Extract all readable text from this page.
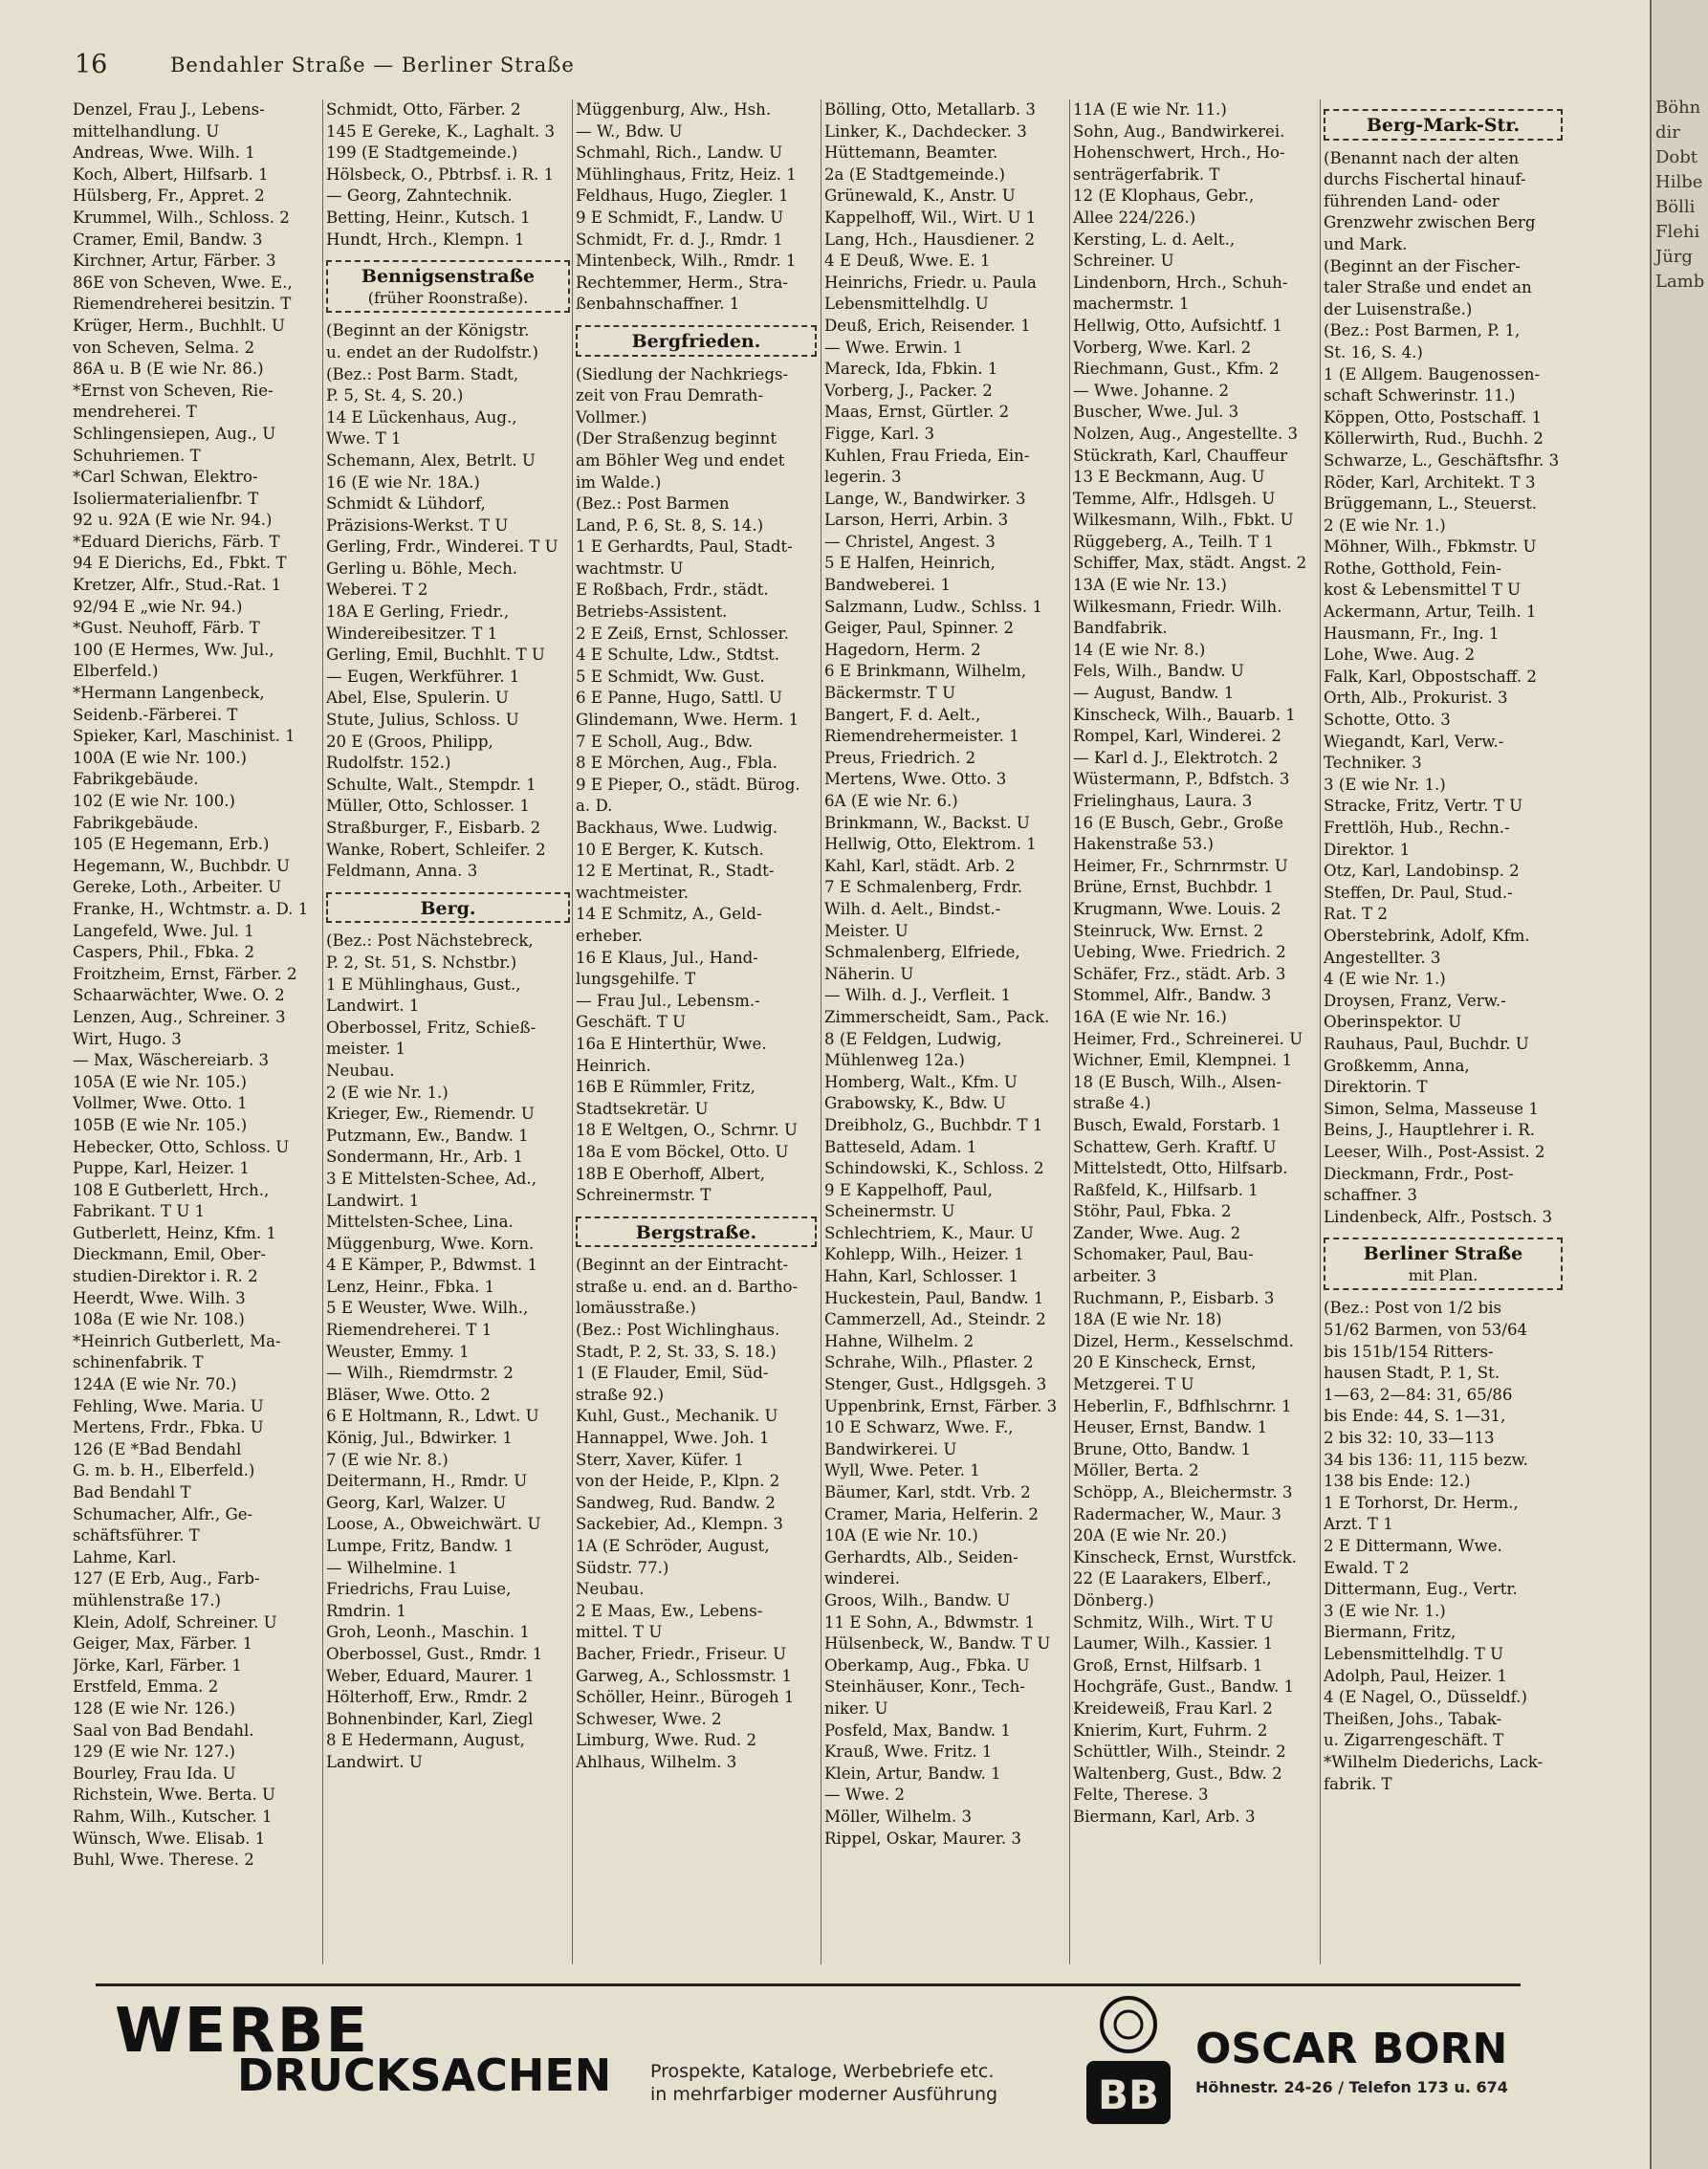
16	Bendahler Straße — Berliner Straße
Denzel, Frau J., Lebens-
mittelhandlung. U
Andreas, Wwe. Wilh. 1
Koch, Albert, Hilfsarb. 1
Hülsberg, Fr., Appret. 2
Krummel, Wilh., Schloss. 2
Cramer, Emil, Bandw. 3
Kirchner, Artur, Färber. 3
86E von Scheven, Wwe. E.,
Riemendreherei besitzin. T
Krüger, Herm., Buchhlt. U
von Scheven, Selma. 2
86A u. B (E wie Nr. 86.)
*Ernst von Scheven, Rie-
mendreherei. T
Schlingensiepen, Aug., U
Schuhriemen. T
*Carl Schwan, Elektro-
Isoliermaterialienfbr. T
92 u. 92A (E wie Nr. 94.)
*Eduard Dierichs, Färb. T
94 E Dierichs, Ed., Fbkt. T
Kretzer, Alfr., Stud.-Rat. 1
92/94 E „wie Nr. 94.)
*Gust. Neuhoff, Färb. T
100 (E Hermes, Ww. Jul.,
Elberfeld.)
*Hermann Langenbeck,
Seidenb.-Färberei. T
Spieker, Karl, Maschinist. 1
100A (E wie Nr. 100.)
Fabrikgebäude.
102 (E wie Nr. 100.)
Fabrikgebäude.
105 (E Hegemann, Erb.)
Hegemann, W., Buchbdr. U
Gereke, Loth., Arbeiter. U
Franke, H., Wchtmstr. a. D. 1
Langefeld, Wwe. Jul. 1
Caspers, Phil., Fbka. 2
Froitzheim, Ernst, Färber. 2
Schaarwächter, Wwe. O. 2
Lenzen, Aug., Schreiner. 3
Wirt, Hugo. 3
— Max, Wäschereiarb. 3
105A (E wie Nr. 105.)
Vollmer, Wwe. Otto. 1
105B (E wie Nr. 105.)
Hebecker, Otto, Schloss. U
Puppe, Karl, Heizer. 1
108 E Gutberlett, Hrch.,
Fabrikant. T U 1
Gutberlett, Heinz, Kfm. 1
Dieckmann, Emil, Ober-
studien-Direktor i. R. 2
Heerdt, Wwe. Wilh. 3
108a (E wie Nr. 108.)
*Heinrich Gutberlett, Ma-
schinenfabrik. T
124A (E wie Nr. 70.)
Fehling, Wwe. Maria. U
Mertens, Frdr., Fbka. U
126 (E *Bad Bendahl
G. m. b. H., Elberfeld.)
Bad Bendahl T
Schumacher, Alfr., Ge-
schäftsführer. T
Lahme, Karl.
127 (E Erb, Aug., Farb-
mühlenstraße 17.)
Klein, Adolf, Schreiner. U
Geiger, Max, Färber. 1
Jörke, Karl, Färber. 1
Erstfeld, Emma. 2
128 (E wie Nr. 126.)
Saal von Bad Bendahl.
129 (E wie Nr. 127.)
Bourley, Frau Ida. U
Richstein, Wwe. Berta. U
Rahm, Wilh., Kutscher. 1
Wünsch, Wwe. Elisab. 1
Buhl, Wwe. Therese. 2
Schmidt, Otto, Färber. 2
145 E Gereke, K., Laghalt. 3
199 (E Stadtgemeinde.)
Hölsbeck, O., Pbtrbsf. i. R. 1
— Georg, Zahntechnik.
Betting, Heinr., Kutsch. 1
Hundt, Hrch., Klempn. 1
Bennigsenstraße
(früher Roonstraße).
(Beginnt an der Königstr.
u. endet an der Rudolfstr.)
(Bez.: Post Barm. Stadt,
P. 5, St. 4, S. 20.)
14 E Lückenhaus, Aug.,
Wwe. T 1
Schemann, Alex, Betrlt. U
16 (E wie Nr. 18A.)
Schmidt & Lühdorf,
Präzisions-Werkst. T U
Gerling, Frdr., Winderei. T U
Gerling u. Böhle, Mech.
Weberei. T 2
18A E Gerling, Friedr.,
Windereibesitzer. T 1
Gerling, Emil, Buchhlt. T U
— Eugen, Werkführer. 1
Abel, Else, Spulerin. U
Stute, Julius, Schloss. U
20 E (Groos, Philipp,
Rudolfstr. 152.)
Schulte, Walt., Stempdr. 1
Müller, Otto, Schlosser. 1
Straßburger, F., Eisbarb. 2
Wanke, Robert, Schleifer. 2
Feldmann, Anna. 3
Berg.
(Bez.: Post Nächstebreck,
P. 2, St. 51, S. Nchstbr.)
1 E Mühlinghaus, Gust.,
Landwirt. 1
Oberbossel, Fritz, Schieß-
meister. 1
Neubau.
2 (E wie Nr. 1.)
Krieger, Ew., Riemendr. U
Putzmann, Ew., Bandw. 1
Sondermann, Hr., Arb. 1
3 E Mittelsten-Schee, Ad.,
Landwirt. 1
Mittelsten-Schee, Lina.
Müggenburg, Wwe. Korn.
4 E Kämper, P., Bdwmst. 1
Lenz, Heinr., Fbka. 1
5 E Weuster, Wwe. Wilh.,
Riemendreherei. T 1
Weuster, Emmy. 1
— Wilh., Riemdrmstr. 2
Bläser, Wwe. Otto. 2
6 E Holtmann, R., Ldwt. U
König, Jul., Bdwirker. 1
7 (E wie Nr. 8.)
Deitermann, H., Rmdr. U
Georg, Karl, Walzer. U
Loose, A., Obweichwärt. U
Lumpe, Fritz, Bandw. 1
— Wilhelmine. 1
Friedrichs, Frau Luise,
Rmdrin. 1
Groh, Leonh., Maschin. 1
Oberbossel, Gust., Rmdr. 1
Weber, Eduard, Maurer. 1
Hölterhoff, Erw., Rmdr. 2
Bohnenbinder, Karl, Ziegl
8 E Hedermann, August,
Landwirt. U
Müggenburg, Alw., Hsh.
— W., Bdw. U
Schmahl, Rich., Landw. U
Mühlinghaus, Fritz, Heiz. 1
Feldhaus, Hugo, Ziegler. 1
9 E Schmidt, F., Landw. U
Schmidt, Fr. d. J., Rmdr. 1
Mintenbeck, Wilh., Rmdr. 1
Rechtemmer, Herm., Stra-
ßenbahnschaffner. 1
Bergfrieden.
(Siedlung der Nachkriegs-
zeit von Frau Demrath-
Vollmer.)
(Der Straßenzug beginnt
am Böhler Weg und endet
im Walde.)
(Bez.: Post Barmen
Land, P. 6, St. 8, S. 14.)
1 E Gerhardts, Paul, Stadt-
wachtmstr. U
E Roßbach, Frdr., städt.
Betriebs-Assistent.
2 E Zeiß, Ernst, Schlosser.
4 E Schulte, Ldw., Stdtst.
5 E Schmidt, Ww. Gust.
6 E Panne, Hugo, Sattl. U
Glindemann, Wwe. Herm. 1
7 E Scholl, Aug., Bdw.
8 E Mörchen, Aug., Fbla.
9 E Pieper, O., städt. Bürog.
a. D.
Backhaus, Wwe. Ludwig.
10 E Berger, K. Kutsch.
12 E Mertinat, R., Stadt-
wachtmeister.
14 E Schmitz, A., Geld-
erheber.
16 E Klaus, Jul., Hand-
lungsgehilfe. T
— Frau Jul., Lebensm.-
Geschäft. T U
16a E Hinterthür, Wwe.
Heinrich.
16B E Rümmler, Fritz,
Stadtsekretär. U
18 E Weltgen, O., Schrnr. U
18a E vom Böckel, Otto. U
18B E Oberhoff, Albert,
Schreinermstr. T
Bergstraße.
(Beginnt an der Eintracht-
straße u. end. an d. Bartho-
lomäusstraße.)
(Bez.: Post Wichlinghaus.
Stadt, P. 2, St. 33, S. 18.)
1 (E Flauder, Emil, Süd-
straße 92.)
Kuhl, Gust., Mechanik. U
Hannappel, Wwe. Joh. 1
Sterr, Xaver, Küfer. 1
von der Heide, P., Klpn. 2
Sandweg, Rud. Bandw. 2
Sackebier, Ad., Klempn. 3
1A (E Schröder, August,
Südstr. 77.)
Neubau.
2 E Maas, Ew., Lebens-
mittel. T U
Bacher, Friedr., Friseur. U
Garweg, A., Schlossmstr. 1
Schöller, Heinr., Bürogeh 1
Schweser, Wwe. 2
Limburg, Wwe. Rud. 2
Ahlhaus, Wilhelm. 3
Bölling, Otto, Metallarb. 3
Linker, K., Dachdecker. 3
Hüttemann, Beamter.
2a (E Stadtgemeinde.)
Grünewald, K., Anstr. U
Kappelhoff, Wil., Wirt. U 1
Lang, Hch., Hausdiener. 2
4 E Deuß, Wwe. E. 1
Heinrichs, Friedr. u. Paula
Lebensmittelhdlg. U
Deuß, Erich, Reisender. 1
— Wwe. Erwin. 1
Mareck, Ida, Fbkin. 1
Vorberg, J., Packer. 2
Maas, Ernst, Gürtler. 2
Figge, Karl. 3
Kuhlen, Frau Frieda, Ein-
legerin. 3
Lange, W., Bandwirker. 3
Larson, Herri, Arbin. 3
— Christel, Angest. 3
5 E Halfen, Heinrich,
Bandweberei. 1
Salzmann, Ludw., Schlss. 1
Geiger, Paul, Spinner. 2
Hagedorn, Herm. 2
6 E Brinkmann, Wilhelm,
Bäckermstr. T U
Bangert, F. d. Aelt.,
Riemendrehermeister. 1
Preus, Friedrich. 2
Mertens, Wwe. Otto. 3
6A (E wie Nr. 6.)
Brinkmann, W., Backst. U
Hellwig, Otto, Elektrom. 1
Kahl, Karl, städt. Arb. 2
7 E Schmalenberg, Frdr.
Wilh. d. Aelt., Bindst.-
Meister. U
Schmalenberg, Elfriede,
Näherin. U
— Wilh. d. J., Verfleit. 1
Zimmerscheidt, Sam., Pack.
8 (E Feldgen, Ludwig,
Mühlenweg 12a.)
Homberg, Walt., Kfm. U
Grabowsky, K., Bdw. U
Dreibholz, G., Buchbdr. T 1
Batteseld, Adam. 1
Schindowski, K., Schloss. 2
9 E Kappelhoff, Paul,
Scheinermstr. U
Schlechtriem, K., Maur. U
Kohlepp, Wilh., Heizer. 1
Hahn, Karl, Schlosser. 1
Huckestein, Paul, Bandw. 1
Cammerzell, Ad., Steindr. 2
Hahne, Wilhelm. 2
Schrahe, Wilh., Pflaster. 2
Stenger, Gust., Hdlgsgeh. 3
Uppenbrink, Ernst, Färber. 3
10 E Schwarz, Wwe. F.,
Bandwirkerei. U
Wyll, Wwe. Peter. 1
Bäumer, Karl, stdt. Vrb. 2
Cramer, Maria, Helferin. 2
10A (E wie Nr. 10.)
Gerhardts, Alb., Seiden-
winderei.
Groos, Wilh., Bandw. U
11 E Sohn, A., Bdwmstr. 1
Hülsenbeck, W., Bandw. T U
Oberkamp, Aug., Fbka. U
Steinhäuser, Konr., Tech-
niker. U
Posfeld, Max, Bandw. 1
Krauß, Wwe. Fritz. 1
Klein, Artur, Bandw. 1
— Wwe. 2
Möller, Wilhelm. 3
Rippel, Oskar, Maurer. 3
11A (E wie Nr. 11.)
Sohn, Aug., Bandwirkerei.
Hohenschwert, Hrch., Ho-
senträgerfabrik. T
12 (E Klophaus, Gebr.,
Allee 224/226.)
Kersting, L. d. Aelt.,
Schreiner. U
Lindenborn, Hrch., Schuh-
machermstr. 1
Hellwig, Otto, Aufsichtf. 1
Vorberg, Wwe. Karl. 2
Riechmann, Gust., Kfm. 2
— Wwe. Johanne. 2
Buscher, Wwe. Jul. 3
Nolzen, Aug., Angestellte. 3
Stückrath, Karl, Chauffeur
13 E Beckmann, Aug. U
Temme, Alfr., Hdlsgeh. U
Wilkesmann, Wilh., Fbkt. U
Rüggeberg, A., Teilh. T 1
Schiffer, Max, städt. Angst. 2
13A (E wie Nr. 13.)
Wilkesmann, Friedr. Wilh.
Bandfabrik.
14 (E wie Nr. 8.)
Fels, Wilh., Bandw. U
— August, Bandw. 1
Kinscheck, Wilh., Bauarb. 1
Rompel, Karl, Winderei. 2
— Karl d. J., Elektrotch. 2
Wüstermann, P., Bdfstch. 3
Frielinghaus, Laura. 3
16 (E Busch, Gebr., Große
Hakenstraße 53.)
Heimer, Fr., Schrnrmstr. U
Brüne, Ernst, Buchbdr. 1
Krugmann, Wwe. Louis. 2
Steinruck, Ww. Ernst. 2
Uebing, Wwe. Friedrich. 2
Schäfer, Frz., städt. Arb. 3
Stommel, Alfr., Bandw. 3
16A (E wie Nr. 16.)
Heimer, Frd., Schreinerei. U
Wichner, Emil, Klempnei. 1
18 (E Busch, Wilh., Alsen-
straße 4.)
Busch, Ewald, Forstarb. 1
Schattew, Gerh. Kraftf. U
Mittelstedt, Otto, Hilfsarb.
Raßfeld, K., Hilfsarb. 1
Stöhr, Paul, Fbka. 2
Zander, Wwe. Aug. 2
Schomaker, Paul, Bau-
arbeiter. 3
Ruchmann, P., Eisbarb. 3
18A (E wie Nr. 18)
Dizel, Herm., Kesselschmd.
20 E Kinscheck, Ernst,
Metzgerei. T U
Heberlin, F., Bdfhlschrnr. 1
Heuser, Ernst, Bandw. 1
Brune, Otto, Bandw. 1
Möller, Berta. 2
Schöpp, A., Bleichermstr. 3
Radermacher, W., Maur. 3
20A (E wie Nr. 20.)
Kinscheck, Ernst, Wurstfck.
22 (E Laarakers, Elberf.,
Dönberg.)
Schmitz, Wilh., Wirt. T U
Laumer, Wilh., Kassier. 1
Groß, Ernst, Hilfsarb. 1
Hochgräfe, Gust., Bandw. 1
Kreideweiß, Frau Karl. 2
Knierim, Kurt, Fuhrm. 2
Schüttler, Wilh., Steindr. 2
Waltenberg, Gust., Bdw. 2
Felte, Therese. 3
Biermann, Karl, Arb. 3
Berg-Mark-Str.
(Benannt nach der alten
durchs Fischertal hinauf-
führenden Land- oder
Grenzwehr zwischen Berg
und Mark.
(Beginnt an der Fischer-
taler Straße und endet an
der Luisenstraße.)
(Bez.: Post Barmen, P. 1,
St. 16, S. 4.)
1 (E Allgem. Baugenossen-
schaft Schwerinstr. 11.)
Köppen, Otto, Postschaff. 1
Köllerwirth, Rud., Buchh. 2
Schwarze, L., Geschäftsfhr. 3
Röder, Karl, Architekt. T 3
Brüggemann, L., Steuerst.
2 (E wie Nr. 1.)
Möhner, Wilh., Fbkmstr. U
Rothe, Gotthold, Fein-
kost & Lebensmittel T U
Ackermann, Artur, Teilh. 1
Hausmann, Fr., Ing. 1
Lohe, Wwe. Aug. 2
Falk, Karl, Obpostschaff. 2
Orth, Alb., Prokurist. 3
Schotte, Otto. 3
Wiegandt, Karl, Verw.-
Techniker. 3
3 (E wie Nr. 1.)
Stracke, Fritz, Vertr. T U
Frettlöh, Hub., Rechn.-
Direktor. 1
Otz, Karl, Landobinsp. 2
Steffen, Dr. Paul, Stud.-
Rat. T 2
Oberstebrink, Adolf, Kfm.
Angestellter. 3
4 (E wie Nr. 1.)
Droysen, Franz, Verw.-
Oberinspektor. U
Rauhaus, Paul, Buchdr. U
Großkemm, Anna,
Direktorin. T
Simon, Selma, Masseuse 1
Beins, J., Hauptlehrer i. R.
Leeser, Wilh., Post-Assist. 2
Dieckmann, Frdr., Post-
schaffner. 3
Lindenbeck, Alfr., Postsch. 3
Berliner Straße
mit Plan.
(Bez.: Post von 1/2 bis
51/62 Barmen, von 53/64
bis 151b/154 Ritters-
hausen Stadt, P. 1, St.
1—63, 2—84: 31, 65/86
bis Ende: 44, S. 1—31,
2 bis 32: 10, 33—113
34 bis 136: 11, 115 bezw.
138 bis Ende: 12.)
1 E Torhorst, Dr. Herm.,
Arzt. T 1
2 E Dittermann, Wwe.
Ewald. T 2
Dittermann, Eug., Vertr.
3 (E wie Nr. 1.)
Biermann, Fritz,
Lebensmittelhdlg. T U
Adolph, Paul, Heizer. 1
4 (E Nagel, O., Düsseldf.)
Theißen, Johs., Tabak-
u. Zigarrengeschäft. T
*Wilhelm Diederichs, Lack-
fabrik. T
WERBE
DRUCKSACHEN Prospekte, Kataloge, Werbebriefe etc.
in mehrfarbiger moderner Ausführung BB
OSCAR BORN
Höhnestr. 24-26 / Telefon 173 u. 674
Böhn
dir
Dobt
Hilbe
Bölli
Flehi
Jürg
Lamb
